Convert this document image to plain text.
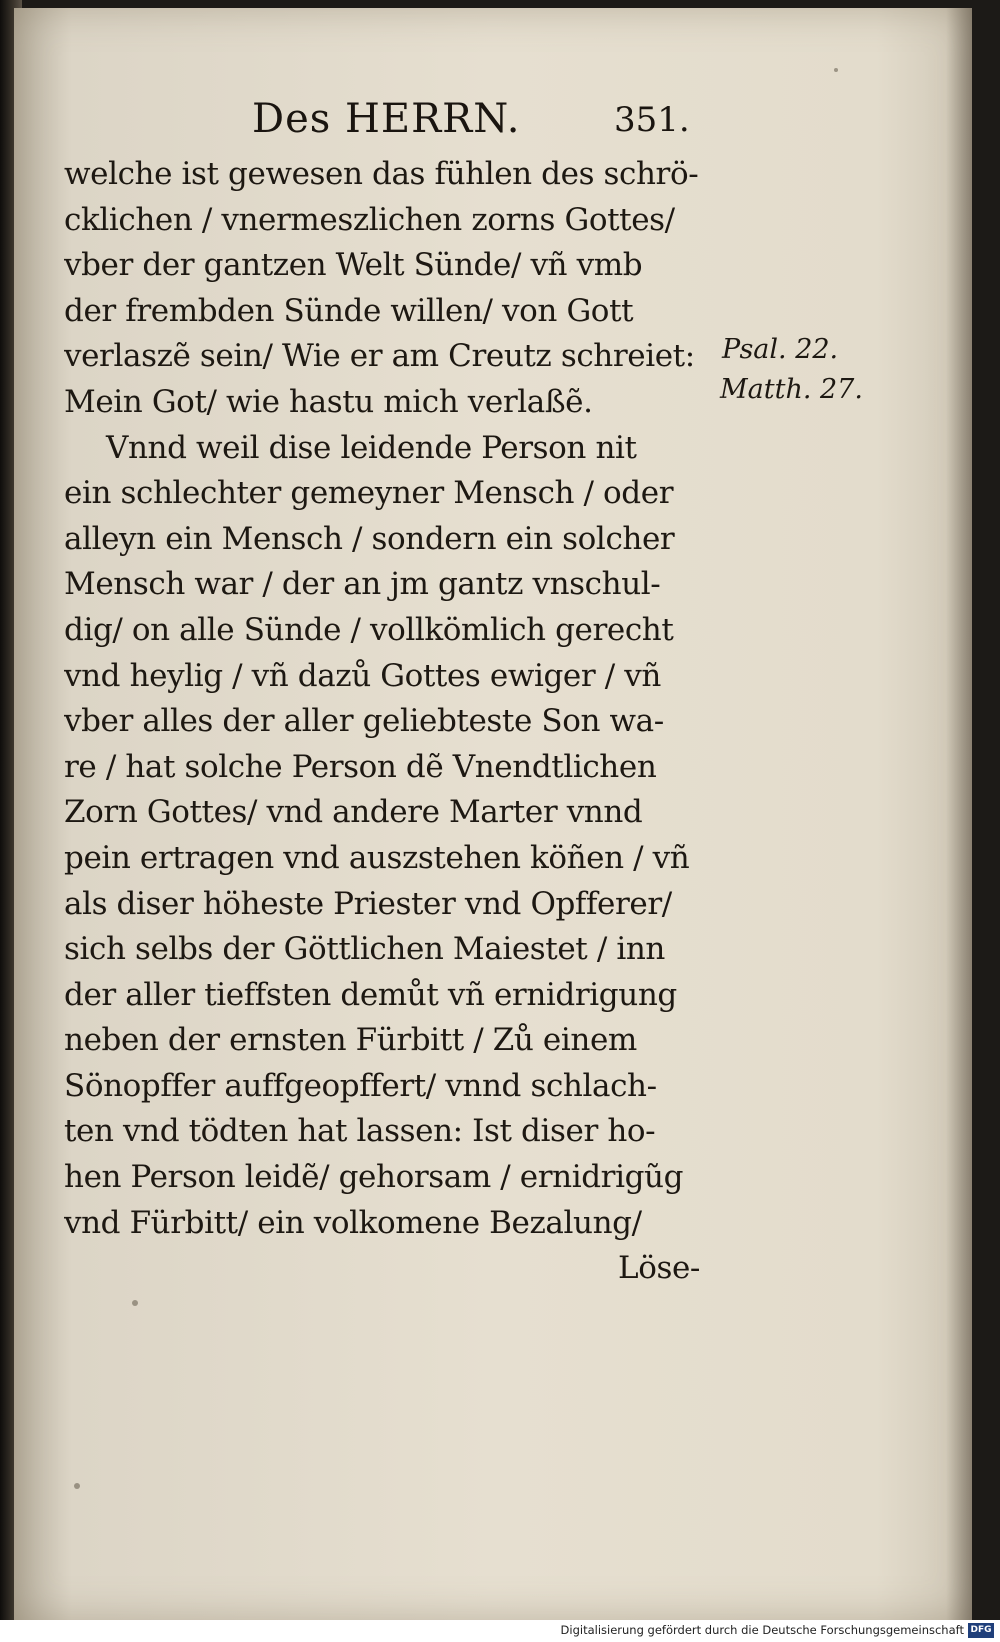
Des HERRN.	351.
welche ist gewesen das fühlen des schrö-
cklichen / vnermeszlichen zorns Gottes/
vber der gantzen Welt Sünde/ vñ vmb
der frembden Sünde willen/ von Gott
verlaszẽ sein/ Wie er am Creutz schreiet:
Mein Got/ wie hastu mich verlaßẽ.
Vnnd weil dise leidende Person nit
ein schlechter gemeyner Mensch / oder
alleyn ein Mensch / sondern ein solcher
Mensch war / der an jm gantz vnschul-
dig/ on alle Sünde / vollkömlich gerecht
vnd heylig / vñ dazů Gottes ewiger / vñ
vber alles der aller geliebteste Son wa-
re / hat solche Person dẽ Vnendtlichen
Zorn Gottes/ vnd andere Marter vnnd
pein ertragen vnd auszstehen köñen / vñ
als diser höheste Priester vnd Opfferer/
sich selbs der Göttlichen Maiestet / inn
der aller tieffsten demůt vñ ernidrigung
neben der ernsten Fürbitt / Zů einem
Sönopffer auffgeopffert/ vnnd schlach-
ten vnd tödten hat lassen: Ist diser ho-
hen Person leidẽ/ gehorsam / ernidrigũg
vnd Fürbitt/ ein volkomene Bezalung/
Löse-
Psal. 22.
Matth. 27.
Digitalisierung gefördert durch die Deutsche Forschungsgemeinschaft DFG
